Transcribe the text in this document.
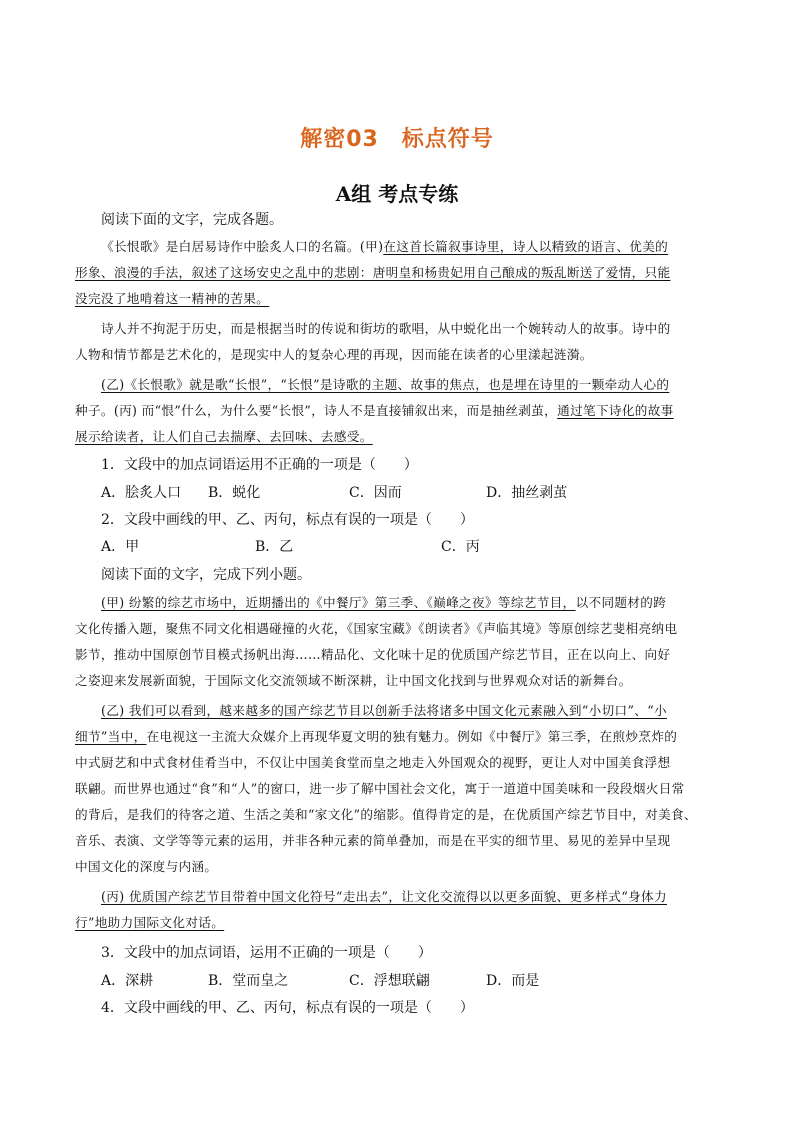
解密03　标点符号
A组 考点专练
阅读下面的文字，完成各题。
《长恨歌》是白居易诗作中脍炙人口的名篇。(甲)在这首长篇叙事诗里，诗人以精致的语言、优美的
形象、浪漫的手法，叙述了这场安史之乱中的悲剧：唐明皇和杨贵妃用自己酿成的叛乱断送了爱情，只能
没完没了地啃着这一精神的苦果。
诗人并不拘泥于历史，而是根据当时的传说和街坊的歌唱，从中蜕化出一个婉转动人的故事。诗中的
人物和情节都是艺术化的，是现实中人的复杂心理的再现，因而能在读者的心里漾起涟漪。
(乙)《长恨歌》就是歌“长恨”，“长恨”是诗歌的主题、故事的焦点，也是埋在诗里的一颗牵动人心的
种子。(丙) 而“恨”什么，为什么要“长恨”，诗人不是直接铺叙出来，而是抽丝剥茧，通过笔下诗化的故事
展示给读者，让人们自己去揣摩、去回味、去感受。
1．文段中的加点词语运用不正确的一项是（　　）
A．脍炙人口 B．蜕化	C．因而	D．抽丝剥茧
2．文段中画线的甲、乙、丙句，标点有误的一项是（　　）
A．甲	B．乙	C．丙
阅读下面的文字，完成下列小题。
(甲) 纷繁的综艺市场中，近期播出的《中餐厅》第三季、《巅峰之夜》等综艺节目，以不同题材的跨
文化传播入题，聚焦不同文化相遇碰撞的火花，《国家宝藏》《朗读者》《声临其境》等原创综艺斐相亮纳电
影节，推动中国原创节目模式扬帆出海……精品化、文化味十足的优质国产综艺节目，正在以向上、向好
之姿迎来发展新面貌，于国际文化交流领域不断深耕，让中国文化找到与世界观众对话的新舞台。
(乙) 我们可以看到，越来越多的国产综艺节目以创新手法将诸多中国文化元素融入到“小切口”、“小
细节”当中，在电视这一主流大众媒介上再现华夏文明的独有魅力。例如《中餐厅》第三季，在煎炒烹炸的
中式厨艺和中式食材佳肴当中，不仅让中国美食堂而皇之地走入外国观众的视野，更让人对中国美食浮想
联翩。而世界也通过“食”和“人”的窗口，进一步了解中国社会文化，寓于一道道中国美味和一段段烟火日常
的背后，是我们的待客之道、生活之美和“家文化”的缩影。值得肯定的是，在优质国产综艺节目中，对美食、
音乐、表演、文学等等元素的运用，并非各种元素的简单叠加，而是在平实的细节里、易见的差异中呈现
中国文化的深度与内涵。
(丙) 优质国产综艺节目带着中国文化符号“走出去”，让文化交流得以以更多面貌、更多样式“身体力
行”地助力国际文化对话。
3．文段中的加点词语，运用不正确的一项是（　　）
A．深耕	B．堂而皇之	C．浮想联翩	D．而是
4．文段中画线的甲、乙、丙句，标点有误的一项是（　　）
